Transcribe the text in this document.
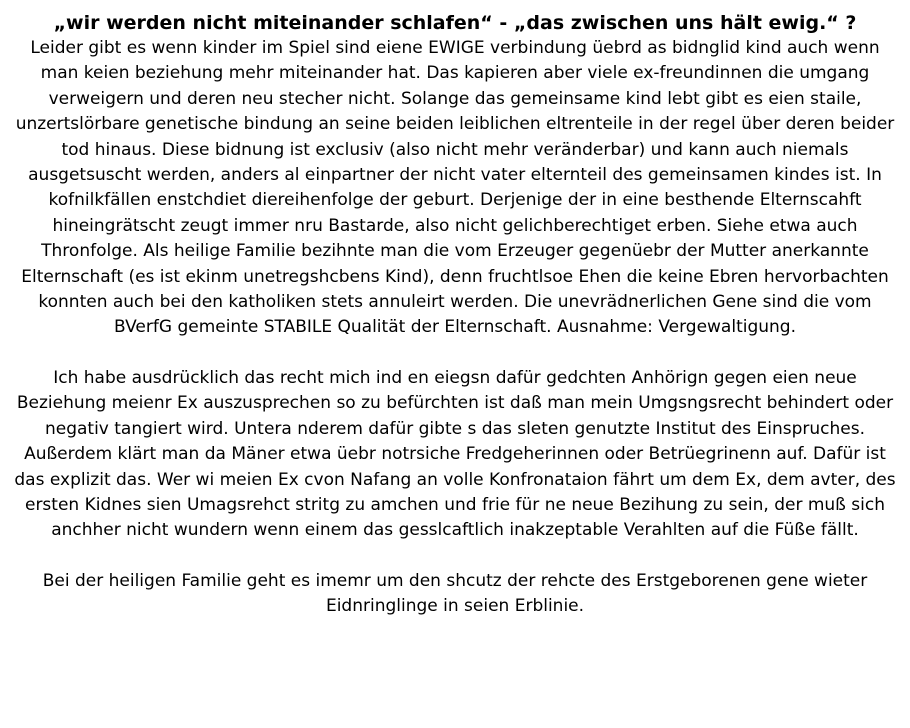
„wir werden nicht miteinander schlafen“ - „das zwischen uns hält ewig.“ ?

Leider gibt es wenn kinder im Spiel sind eiene EWIGE verbindung üebrd as bidnglid kind auch wenn man keien beziehung mehr miteinander hat. Das kapieren aber viele ex-freundinnen die umgang verweigern und deren neu stecher nicht. Solange das gemeinsame kind lebt gibt es eien staile, unzertslörbare genetische bindung an seine beiden leiblichen eltrenteile in der regel über deren beider tod hinaus. Diese bidnung ist exclusiv (also nicht mehr veränderbar) und kann auch niemals ausgetsuscht werden, anders al einpartner der nicht vater elternteil des gemeinsamen kindes ist. In kofnilkfällen enstchdiet diereihenfolge der geburt. Derjenige der in eine besthende Elternscahft hineingrätscht zeugt immer nru Bastarde, also nicht gelichberechtiget erben. Siehe etwa auch Thronfolge. Als heilige Familie bezihnte man die vom Erzeuger gegenüebr der Mutter anerkannte Elternschaft (es ist ekinm unetregshcbens Kind), denn fruchtlsoe Ehen die keine Ebren hervorbachten konnten auch bei den katholiken stets annuleirt werden. Die unevrädnerlichen Gene sind die vom BVerfG gemeinte STABILE Qualität der Elternschaft. Ausnahme: Vergewaltigung.

Ich habe ausdrücklich das recht mich ind en eiegsn dafür gedchten Anhörign gegen eien neue Beziehung meienr Ex auszusprechen so zu befürchten ist daß man mein Umgsngsrecht behindert oder negativ tangiert wird. Untera nderem dafür gibte s das sleten genutzte Institut des Einspruches. Außerdem klärt man da Mäner etwa üebr notrsiche Fredgeherinnen oder Betrüegrinenn auf. Dafür ist das explizit das. Wer wi meien Ex cvon Nafang an volle Konfronataion fährt um dem Ex, dem avter, des ersten Kidnes sien Umagsrehct stritg zu amchen und frie für ne neue Bezihung zu sein, der muß sich anchher nicht wundern wenn einem das gesslcaftlich inakzeptable Verahlten auf die Füße fällt.

Bei der heiligen Familie geht es imemr um den shcutz der rehcte des Erstgeborenen gene wieter Eidnringlinge in seien Erblinie.
